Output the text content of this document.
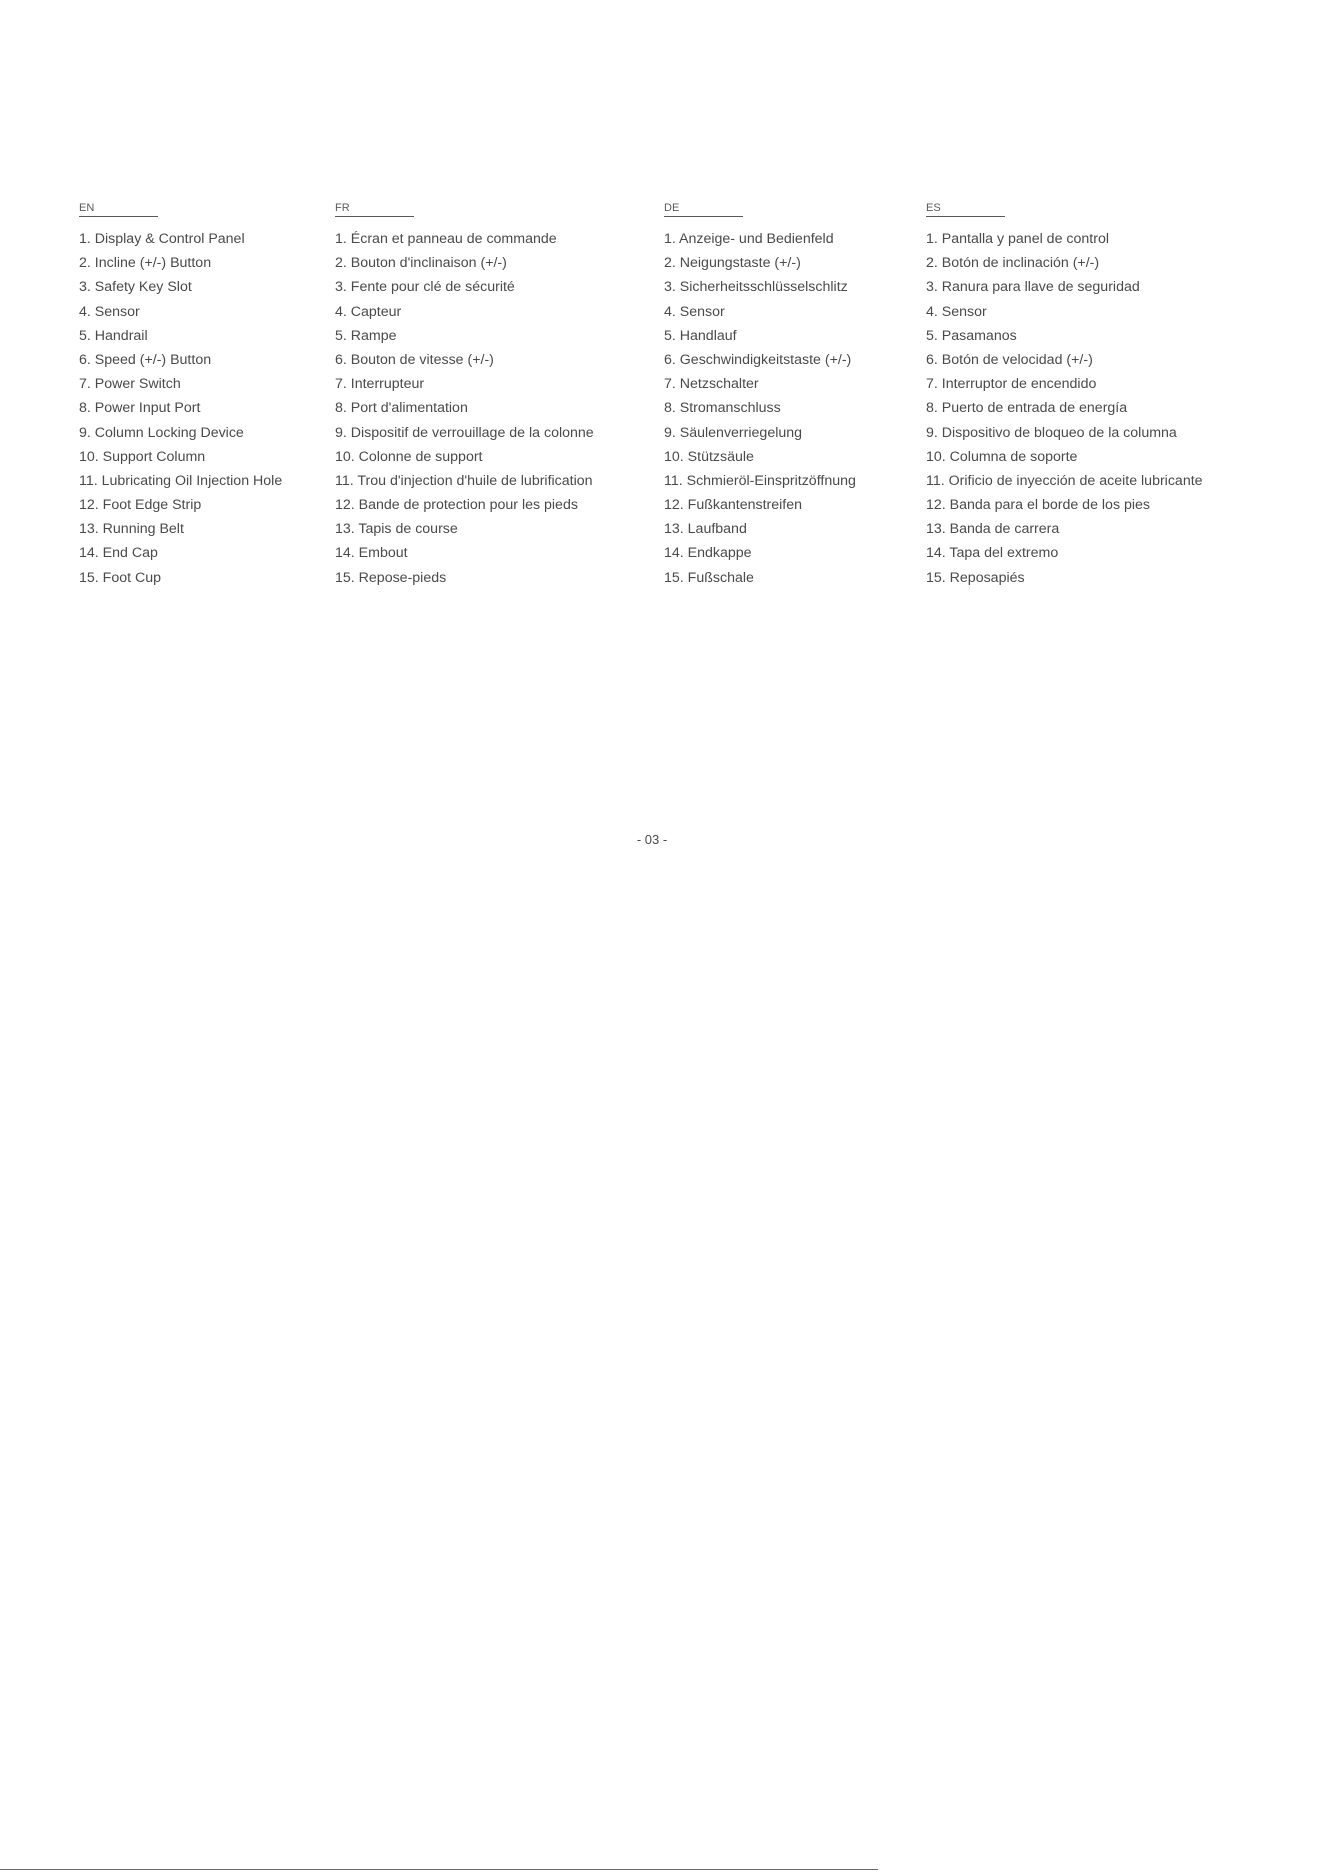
EN
1. Display & Control Panel
2. Incline (+/-) Button
3. Safety Key Slot
4. Sensor
5. Handrail
6. Speed (+/-) Button
7. Power Switch
8. Power Input Port
9. Column Locking Device
10. Support Column
11. Lubricating Oil Injection Hole
12. Foot Edge Strip
13. Running Belt
14. End Cap
15. Foot Cup
FR
1. Écran et panneau de commande
2. Bouton d'inclinaison (+/-)
3. Fente pour clé de sécurité
4. Capteur
5. Rampe
6. Bouton de vitesse (+/-)
7. Interrupteur
8. Port d'alimentation
9. Dispositif de verrouillage de la colonne
10. Colonne de support
11. Trou d'injection d'huile de lubrification
12. Bande de protection pour les pieds
13. Tapis de course
14. Embout
15. Repose-pieds
DE
1. Anzeige- und Bedienfeld
2. Neigungstaste (+/-)
3. Sicherheitsschlüsselschlitz
4. Sensor
5. Handlauf
6. Geschwindigkeitstaste (+/-)
7. Netzschalter
8. Stromanschluss
9. Säulenverriegelung
10. Stützsäule
11. Schmieröl-Einspritzöffnung
12. Fußkantenstreifen
13. Laufband
14. Endkappe
15. Fußschale
ES
1. Pantalla y panel de control
2. Botón de inclinación (+/-)
3. Ranura para llave de seguridad
4. Sensor
5. Pasamanos
6. Botón de velocidad (+/-)
7. Interruptor de encendido
8. Puerto de entrada de energía
9. Dispositivo de bloqueo de la columna
10. Columna de soporte
11. Orificio de inyección de aceite lubricante
12. Banda para el borde de los pies
13. Banda de carrera
14. Tapa del extremo
15. Reposapiés
- 03 -
